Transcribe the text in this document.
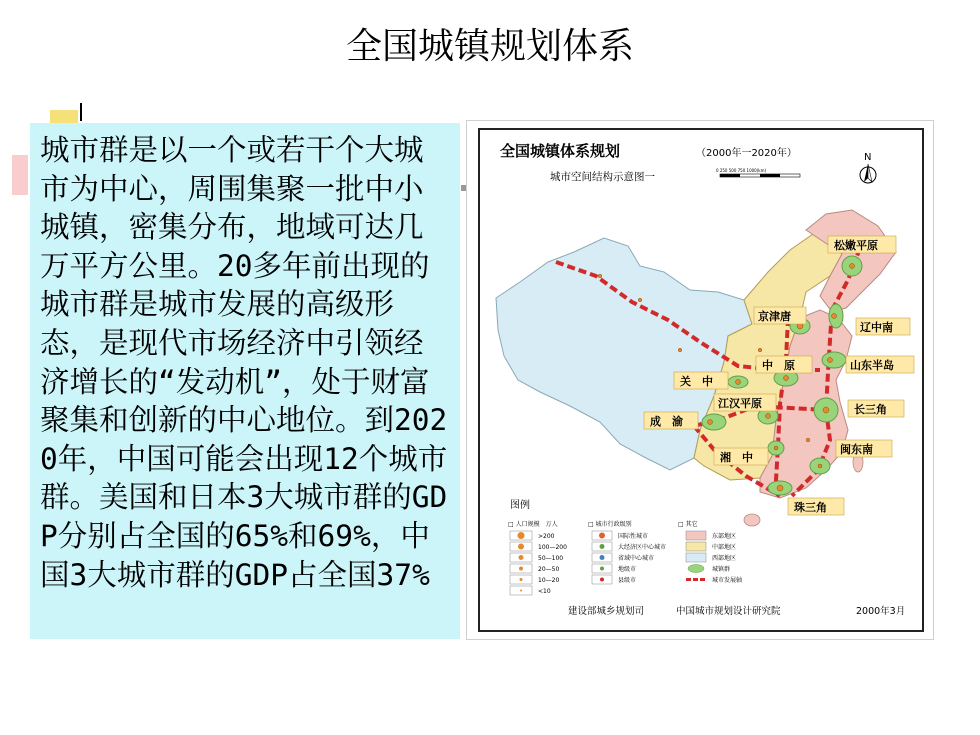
全国城镇规划体系

城市群是以一个或若干个大城市为中心，周围集聚一批中小城镇，密集分布，地域可达几万平方公里。20多年前出现的城市群是城市发展的高级形态，是现代市场经济中引领经济增长的“发动机”，处于财富聚集和创新的中心地位。到2020年，中国可能会出现12个城市群。美国和日本3大城市群的GDP分别占全国的65%和69%，中国3大城市群的GDP占全国37%

全国城镇体系规划	（2000年一2020年）
城市空间结构示意图一
0 250 500 750 1000(km)
N
松嫩平原
京津唐
辽中南
中　原	山东半岛
关　中
江汉平原	长三角
成　渝
闽东南
湘　中
珠三角
图例
□ 人口规模　万人
>200
100—200
50—100
20—50
10—20
<10
□ 城市行政级别
国际性城市
大经济区中心城市
省域中心城市
地级市
县级市
□ 其它
东部地区
中部地区
西部地区
城镇群
城市发展轴
建设部城乡规划司	中国城市规划设计研究院	2000年3月
